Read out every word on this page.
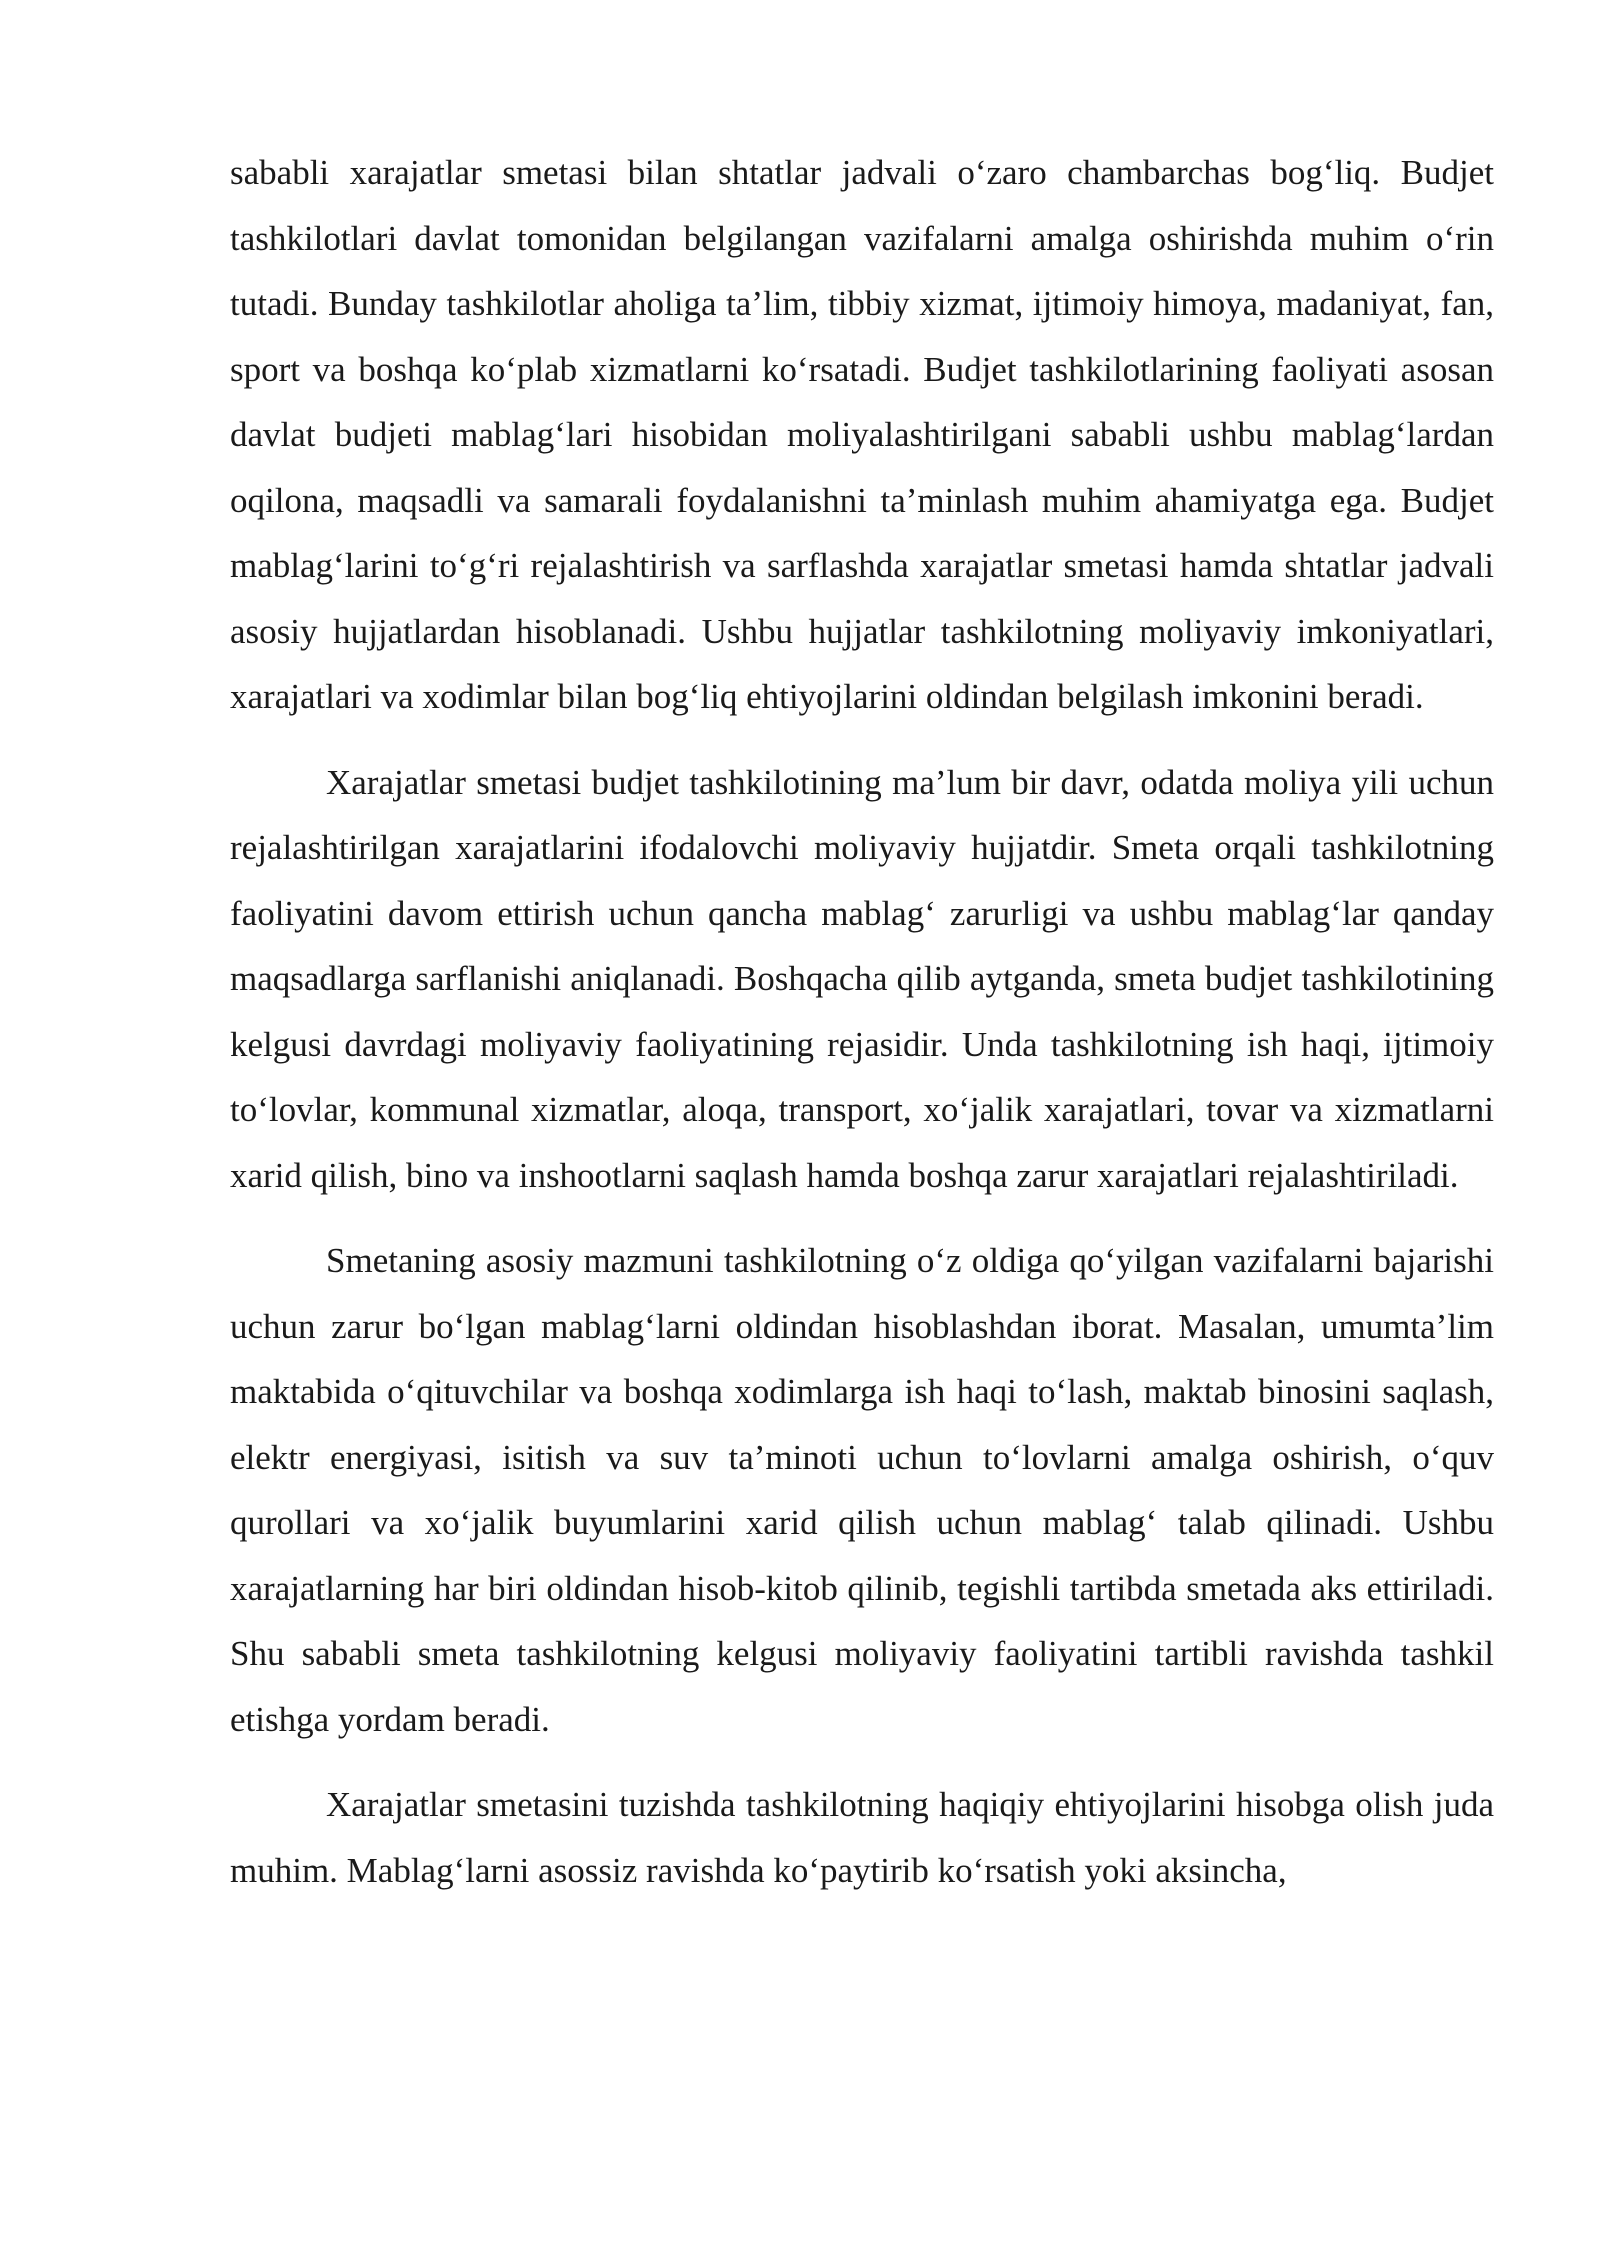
sababli xarajatlar smetasi bilan shtatlar jadvali o‘zaro chambarchas bog‘liq. Budjet tashkilotlari davlat tomonidan belgilangan vazifalarni amalga oshirishda muhim o‘rin tutadi. Bunday tashkilotlar aholiga ta’lim, tibbiy xizmat, ijtimoiy himoya, madaniyat, fan, sport va boshqa ko‘plab xizmatlarni ko‘rsatadi. Budjet tashkilotlarining faoliyati asosan davlat budjeti mablag‘lari hisobidan moliyalashtirilgani sababli ushbu mablag‘lardan oqilona, maqsadli va samarali foydalanishni ta’minlash muhim ahamiyatga ega. Budjet mablag‘larini to‘g‘ri rejalashtirish va sarflashda xarajatlar smetasi hamda shtatlar jadvali asosiy hujjatlardan hisoblanadi. Ushbu hujjatlar tashkilotning moliyaviy imkoniyatlari, xarajatlari va xodimlar bilan bog‘liq ehtiyojlarini oldindan belgilash imkonini beradi.

Xarajatlar smetasi budjet tashkilotining ma’lum bir davr, odatda moliya yili uchun rejalashtirilgan xarajatlarini ifodalovchi moliyaviy hujjatdir. Smeta orqali tashkilotning faoliyatini davom ettirish uchun qancha mablag‘ zarurligi va ushbu mablag‘lar qanday maqsadlarga sarflanishi aniqlanadi. Boshqacha qilib aytganda, smeta budjet tashkilotining kelgusi davrdagi moliyaviy faoliyatining rejasidir. Unda tashkilotning ish haqi, ijtimoiy to‘lovlar, kommunal xizmatlar, aloqa, transport, xo‘jalik xarajatlari, tovar va xizmatlarni xarid qilish, bino va inshootlarni saqlash hamda boshqa zarur xarajatlari rejalashtiriladi.

Smetaning asosiy mazmuni tashkilotning o‘z oldiga qo‘yilgan vazifalarni bajarishi uchun zarur bo‘lgan mablag‘larni oldindan hisoblashdan iborat. Masalan, umumta’lim maktabida o‘qituvchilar va boshqa xodimlarga ish haqi to‘lash, maktab binosini saqlash, elektr energiyasi, isitish va suv ta’minoti uchun to‘lovlarni amalga oshirish, o‘quv qurollari va xo‘jalik buyumlarini xarid qilish uchun mablag‘ talab qilinadi. Ushbu xarajatlarning har biri oldindan hisob-kitob qilinib, tegishli tartibda smetada aks ettiriladi. Shu sababli smeta tashkilotning kelgusi moliyaviy faoliyatini tartibli ravishda tashkil etishga yordam beradi.

Xarajatlar smetasini tuzishda tashkilotning haqiqiy ehtiyojlarini hisobga olish juda muhim. Mablag‘larni asossiz ravishda ko‘paytirib ko‘rsatish yoki aksincha,
